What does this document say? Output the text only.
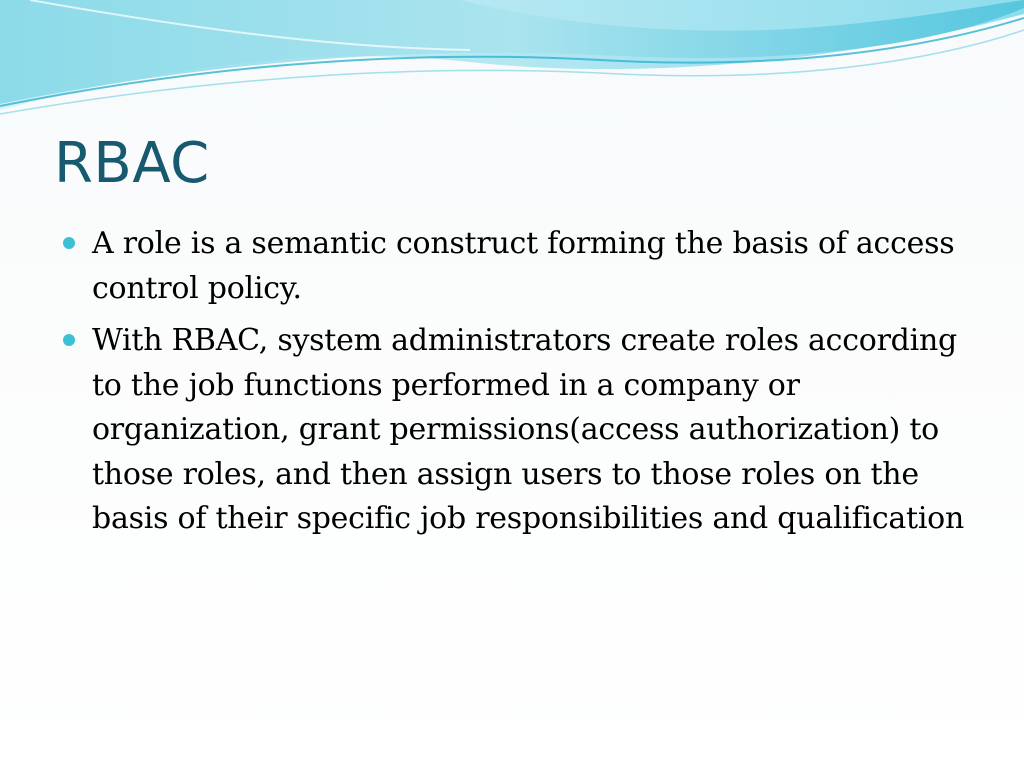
RBAC
A role is a semantic construct forming the basis of access control policy.
With RBAC, system administrators create roles according to the job functions performed in a company or organization, grant permissions(access authorization) to those roles, and then assign users to those roles on the basis of their specific job responsibilities and qualification
